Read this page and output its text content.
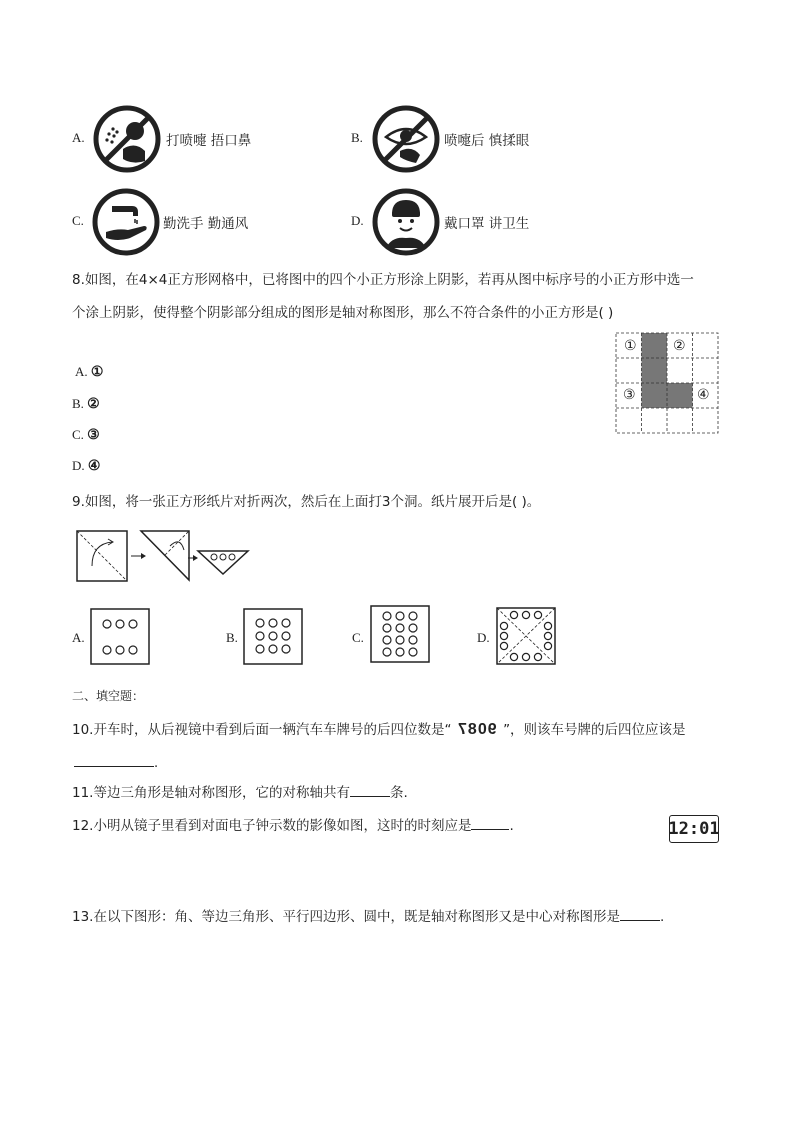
A.	打喷嚏 捂口鼻	B.	喷嚏后 慎揉眼
C.	勤洗手 勤通风	D.	戴口罩 讲卫生
8.如图，在4×4正方形网格中，已将图中的四个小正方形涂上阴影，若再从图中标序号的小正方形中选一
个涂上阴影，使得整个阴影部分组成的图形是轴对称图形，那么不符合条件的小正方形是( )
A. ①
B. ②
C. ③
D. ④
①	②
③	④
9.如图，将一张正方形纸片对折两次，然后在上面打3个洞。纸片展开后是( )。
A.	B.	C.	D.
二、填空题：
10.开车时，从后视镜中看到后面一辆汽车车牌号的后四位数是“ 9087 ”，则该车号牌的后四位应该是
.
11.等边三角形是轴对称图形，它的对称轴共有	条.
12.小明从镜子里看到对面电子钟示数的影像如图，这时的时刻应是	.	12:01
13.在以下图形：角、等边三角形、平行四边形、圆中，既是轴对称图形又是中心对称图形是	.
